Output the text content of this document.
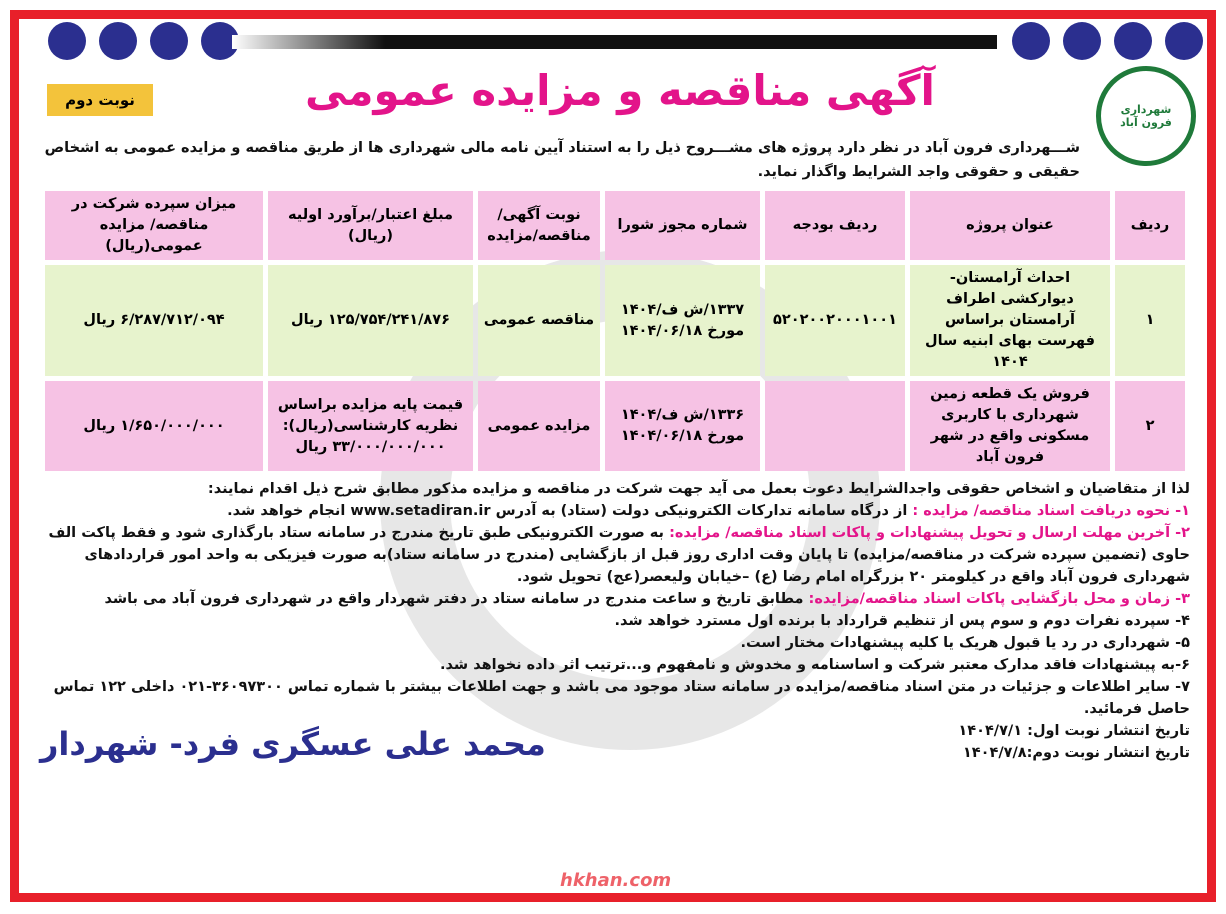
شهرداری فرون آباد
نوبت دوم	آگهی مناقصه و مزایده عمومی
شـــهرداری فرون آباد در نظر دارد پروژه های مشـــروح ذیل را به استناد آیین نامه مالی شهرداری ها از طریق مناقصه و مزایده عمومی به اشخاص حقیقی و حقوقی واجد الشرایط واگذار نماید.
ردیف	عنوان پروژه	ردیف بودجه	شماره مجوز شورا	نوبت آگهی/ مناقصه/مزایده	مبلغ اعتبار/برآورد اولیه (ریال)	میزان سپرده شرکت در مناقصه/ مزایده عمومی(ریال)
۱	احداث آرامستان- دیوارکشی اطراف آرامستان براساس فهرست بهای ابنیه سال ۱۴۰۴	۵۲۰۲۰۰۲۰۰۰۱۰۰۱	۱۳۳۷/ش ف/۱۴۰۴ مورخ ۱۴۰۴/۰۶/۱۸	مناقصه عمومی	۱۲۵/۷۵۴/۲۴۱/۸۷۶ ریال	۶/۲۸۷/۷۱۲/۰۹۴ ریال
۲	فروش یک قطعه زمین شهرداری با کاربری مسکونی واقع در شهر فرون آباد		۱۳۳۶/ش ف/۱۴۰۴ مورخ ۱۴۰۴/۰۶/۱۸	مزایده عمومی	قیمت پایه مزایده براساس نظریه کارشناسی(ریال): ۳۳/۰۰۰/۰۰۰/۰۰۰ ریال	۱/۶۵۰/۰۰۰/۰۰۰ ریال
لذا از متقاضیان و اشخاص حقوقی واجدالشرایط دعوت بعمل می آید جهت شرکت در مناقصه و مزایده مذکور مطابق شرح ذیل اقدام نمایند:
۱- نحوه دریافت اسناد مناقصه/ مزایده : از درگاه سامانه تدارکات الکترونیکی دولت (ستاد) به آدرس www.setadiran.ir انجام خواهد شد.
۲- آخرین مهلت ارسال و تحویل پیشنهادات و پاکات اسناد مناقصه/ مزایده: به صورت الکترونیکی طبق تاریخ مندرج در سامانه ستاد بارگذاری شود و فقط پاکت الف حاوی (تضمین سپرده شرکت در مناقصه/مزایده) تا پایان وقت اداری روز قبل از بازگشایی (مندرج در سامانه ستاد)به صورت فیزیکی به واحد امور قراردادهای شهرداری فرون آباد واقع در کیلومتر ۲۰ بزرگراه امام رضا (ع) –خیابان ولیعصر(عج) تحویل شود.
۳- زمان و محل بازگشایی پاکات اسناد مناقصه/مزایده: مطابق تاریخ و ساعت مندرج در سامانه ستاد در دفتر شهردار واقع در شهرداری فرون آباد می باشد
۴- سپرده نفرات دوم و سوم پس از تنظیم قرارداد با برنده اول مسترد خواهد شد.
۵- شهرداری در رد یا قبول هریک یا کلیه پیشنهادات مختار است.
۶-به پیشنهادات فاقد مدارک معتبر شرکت و اساسنامه و مخدوش و نامفهوم و...ترتیب اثر داده نخواهد شد.
۷- سایر اطلاعات و جزئیات در متن اسناد مناقصه/مزایده در سامانه ستاد موجود می باشد و جهت اطلاعات بیشتر با شماره تماس ۳۶۰۹۷۳۰۰-۰۲۱ داخلی ۱۲۲ تماس حاصل فرمائید.
تاریخ انتشار نوبت اول: ۱۴۰۴/۷/۱
تاریخ انتشار نوبت دوم:۱۴۰۴/۷/۸
محمد علی عسگری فرد- شهردار
hkhan.com
